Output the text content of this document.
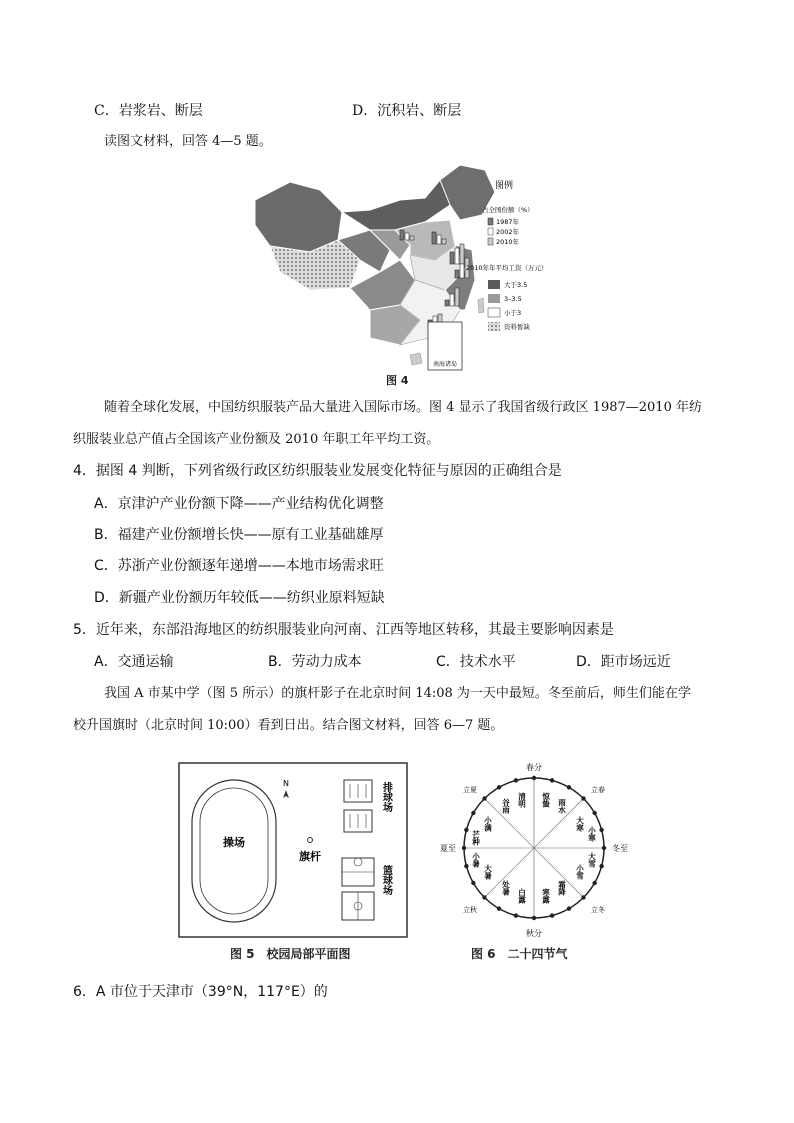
C．岩浆岩、断层	D．沉积岩、断层
读图文材料，回答 4—5 题。
南海诸岛
图例
占全国份额（%）
1987年
2002年
2010年
2010年年平均工资（万元）
大于3.5
3–3.5
小于3
资料暂缺
图 4
随着全球化发展，中国纺织服装产品大量进入国际市场。图 4 显示了我国省级行政区 1987—2010 年纺
织服装业总产值占全国该产业份额及 2010 年职工年平均工资。
4．据图 4 判断，下列省级行政区纺织服装业发展变化特征与原因的正确组合是
A．京津沪产业份额下降——产业结构优化调整
B．福建产业份额增长快——原有工业基础雄厚
C．苏浙产业份额逐年递增——本地市场需求旺
D．新疆产业份额历年较低——纺织业原料短缺
5．近年来，东部沿海地区的纺织服装业向河南、江西等地区转移，其最主要影响因素是
A．交通运输	B．劳动力成本	C．技术水平	D．距市场远近
我国 A 市某中学（图 5 所示）的旗杆影子在北京时间 14:08 为一天中最短。冬至前后，师生们能在学
校升国旗时（北京时间 10:00）看到日出。结合图文材料，回答 6—7 题。
操场
N
旗杆
排球场
篮球场
图 5　校园局部平面图
春分
秋分
夏至	冬至
立夏	立春
立秋	立冬
清明
谷雨	惊蛰 雨水
小满
芒种
大寒
小寒
小暑
大暑
大雪
小雪
处暑
白露 寒露
霜降
图 6　二十四节气
6．A 市位于天津市（39°N，117°E）的
